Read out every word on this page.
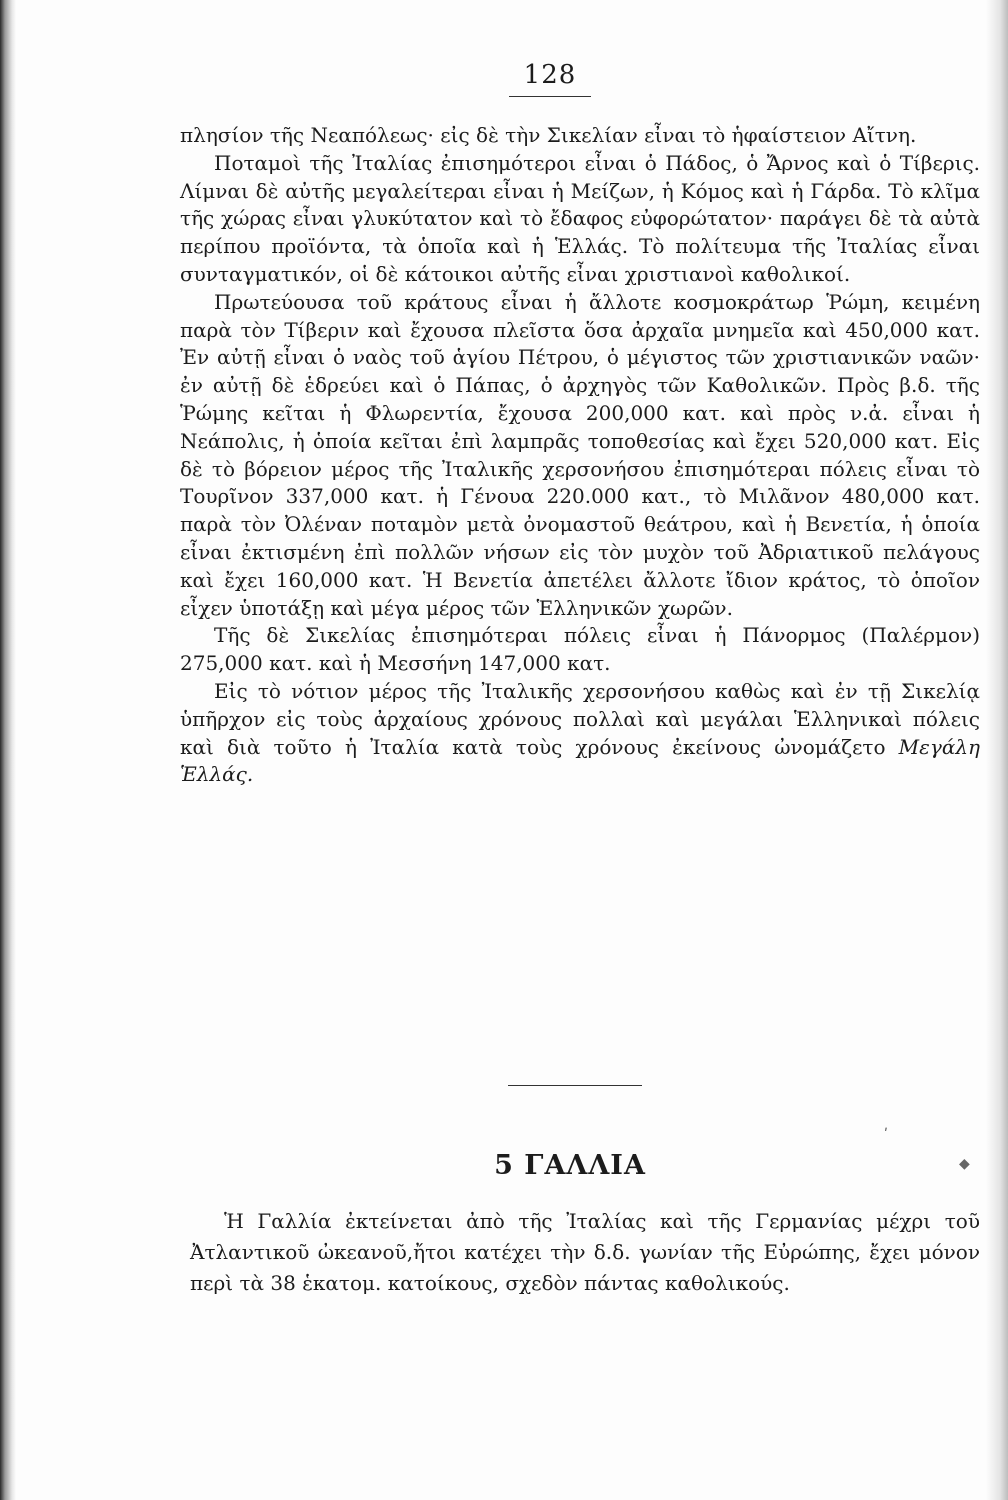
128

πλησίον τῆς Νεαπόλεως· εἰς δὲ τὴν Σικελίαν εἶναι τὸ ἡφαίστειον Αἴτνη.

Ποταμοὶ τῆς Ἰταλίας ἐπισημότεροι εἶναι ὁ Πάδος, ὁ Ἄρνος καὶ ὁ Τίβερις. Λίμναι δὲ αὐτῆς μεγαλείτεραι εἶναι ἡ Μείζων, ἡ Κόμος καὶ ἡ Γάρδα. Τὸ κλῖμα τῆς χώρας εἶναι γλυκύτατον καὶ τὸ ἔδαφος εὐφορώτατον· παράγει δὲ τὰ αὐτὰ περίπου προϊόντα, τὰ ὁποῖα καὶ ἡ Ἑλλάς. Τὸ πολίτευμα τῆς Ἰταλίας εἶναι συνταγματικόν, οἱ δὲ κάτοικοι αὐτῆς εἶναι χριστιανοὶ καθολικοί.

Πρωτεύουσα τοῦ κράτους εἶναι ἡ ἄλλοτε κοσμοκράτωρ Ῥώμη, κειμένη παρὰ τὸν Τίβεριν καὶ ἔχουσα πλεῖστα ὅσα ἀρχαῖα μνημεῖα καὶ 450,000 κατ. Ἐν αὐτῇ εἶναι ὁ ναὸς τοῦ ἁγίου Πέτρου, ὁ μέγιστος τῶν χριστιανικῶν ναῶν· ἐν αὐτῇ δὲ ἑδρεύει καὶ ὁ Πάπας, ὁ ἀρχηγὸς τῶν Καθολικῶν. Πρὸς β.δ. τῆς Ῥώμης κεῖται ἡ Φλωρεντία, ἔχουσα 200,000 κατ. καὶ πρὸς ν.ἀ. εἶναι ἡ Νεάπολις, ἡ ὁποία κεῖται ἐπὶ λαμπρᾶς τοποθεσίας καὶ ἔχει 520,000 κατ. Εἰς δὲ τὸ βόρειον μέρος τῆς Ἰταλικῆς χερσονήσου ἐπισημότεραι πόλεις εἶναι τὸ Τουρῖνον 337,000 κατ. ἡ Γένουα 220.000 κατ., τὸ Μιλᾶνον 480,000 κατ. παρὰ τὸν Ὀλέναν ποταμὸν μετὰ ὀνομαστοῦ θεάτρου, καὶ ἡ Βενετία, ἡ ὁποία εἶναι ἐκτισμένη ἐπὶ πολλῶν νήσων εἰς τὸν μυχὸν τοῦ Ἀδριατικοῦ πελάγους καὶ ἔχει 160,000 κατ. Ἡ Βενετία ἀπετέλει ἄλλοτε ἴδιον κράτος, τὸ ὁποῖον εἶχεν ὑποτάξῃ καὶ μέγα μέρος τῶν Ἑλληνικῶν χωρῶν.

Τῆς δὲ Σικελίας ἐπισημότεραι πόλεις εἶναι ἡ Πάνορμος (Παλέρμον) 275,000 κατ. καὶ ἡ Μεσσήνη 147,000 κατ.

Εἰς τὸ νότιον μέρος τῆς Ἰταλικῆς χερσονήσου καθὼς καὶ ἐν τῇ Σικελίᾳ ὑπῆρχον εἰς τοὺς ἀρχαίους χρόνους πολλαὶ καὶ μεγάλαι Ἑλληνικαὶ πόλεις καὶ διὰ τοῦτο ἡ Ἰταλία κατὰ τοὺς χρόνους ἐκείνους ὠνομάζετο Μεγάλη Ἑλλάς.

ʹ
5 ΓΑΛΛΙΑ	◆

Ἡ Γαλλία ἐκτείνεται ἀπὸ τῆς Ἰταλίας καὶ τῆς Γερμανίας μέχρι τοῦ Ἀτλαντικοῦ ὠκεανοῦ,ἤτοι κατέχει τὴν δ.δ. γωνίαν τῆς Εὐρώπης, ἔχει μόνον περὶ τὰ 38 ἑκατομ. κατοίκους, σχεδὸν πάντας καθολικούς.
